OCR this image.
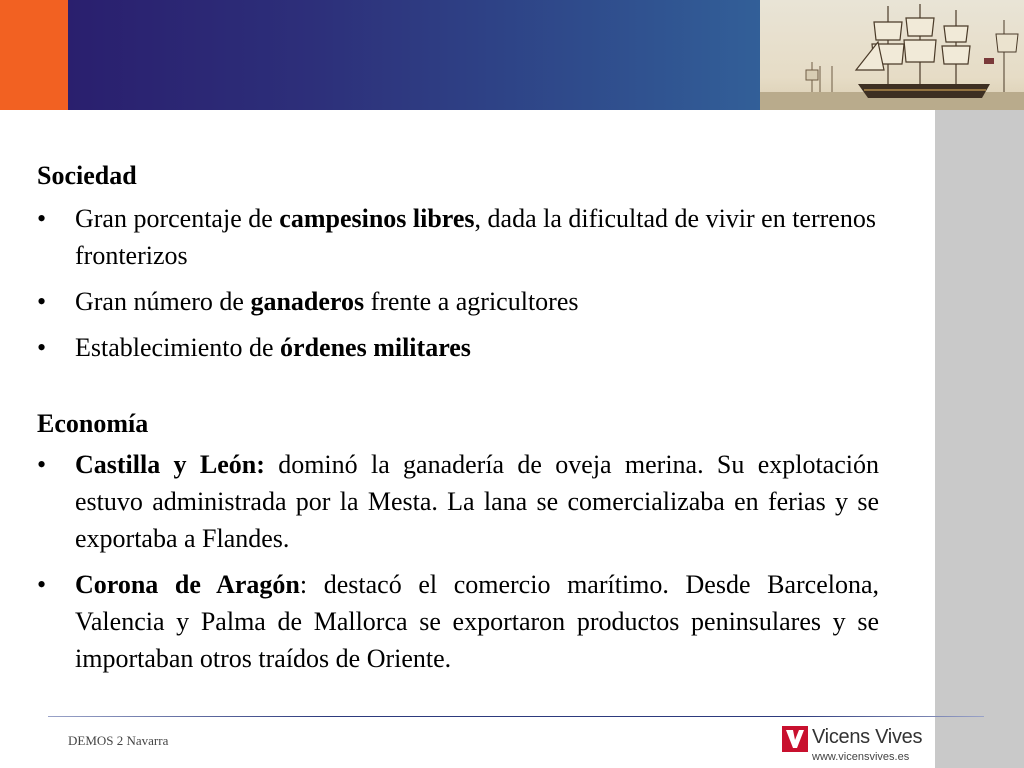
Sociedad

• Gran porcentaje de campesinos libres, dada la dificultad de vivir en terrenos fronterizos
• Gran número de ganaderos frente a agricultores
• Establecimiento de órdenes militares

Economía

• Castilla y León: dominó la ganadería de oveja merina. Su explotación estuvo administrada por la Mesta. La lana se comercializaba en ferias y se exportaba a Flandes.
• Corona de Aragón: destacó el comercio marítimo. Desde Barcelona, Valencia y Palma de Mallorca se exportaron productos peninsulares y se importaban otros traídos de Oriente.
DEMOS 2 Navarra	Vicens Vives
www.vicensvives.es
